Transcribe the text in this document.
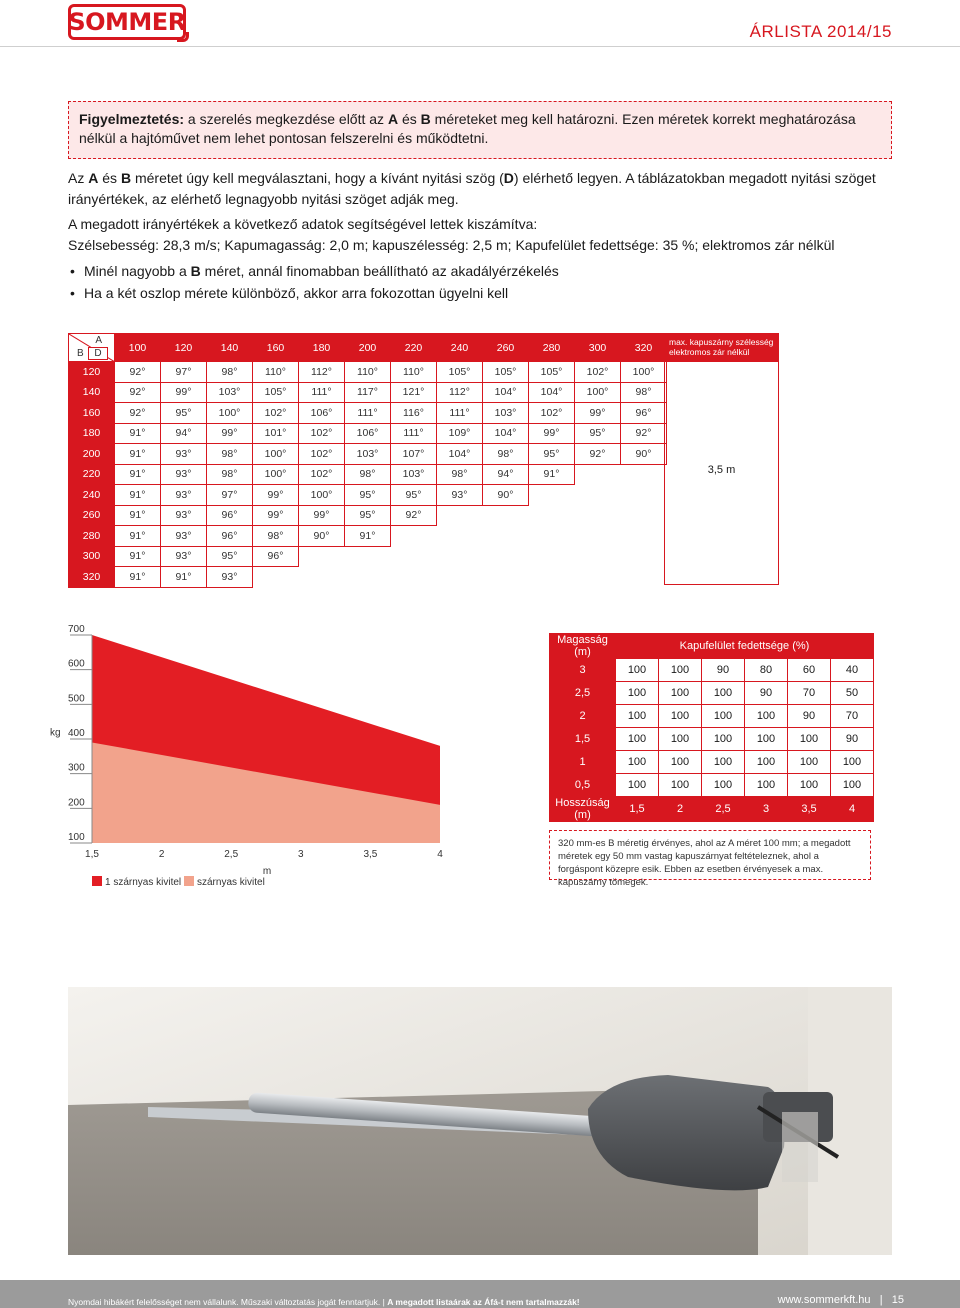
SOMMER	ÁRLISTA 2014/15
Figyelmeztetés: a szerelés megkezdése előtt az A és B méreteket meg kell határozni. Ezen méretek korrekt meghatározása nélkül a hajtóművet nem lehet pontosan felszerelni és működtetni.
Az A és B méretet úgy kell megválasztani, hogy a kívánt nyitási szög (D) elérhető legyen. A táblázatokban megadott nyitási szöget irányértékek, az elérhető legnagyobb nyitási szöget adják meg.
A megadott irányértékek a következő adatok segítségével lettek kiszámítva:
Szélsebesség: 28,3 m/s; Kapumagasság: 2,0 m; kapuszélesség: 2,5 m; Kapufelület fedettsége: 35 %; elektromos zár nélkül
• Minél nagyobb a B méret, annál finomabban beállítható az akadályérzékelés
• Ha a két oszlop mérete különböző, akkor arra fokozottan ügyelni kell
A
B D	100	120	140	160	180	200	220	240	260	280	300	320
120	92°	97°	98°	110°	112°	110°	110°	105°	105°	105°	102°	100°
140	92°	99°	103°	105°	111°	117°	121°	112°	104°	104°	100°	98°
160	92°	95°	100°	102°	106°	111°	116°	111°	103°	102°	99°	96°
180	91°	94°	99°	101°	102°	106°	111°	109°	104°	99°	95°	92°
200	91°	93°	98°	100°	102°	103°	107°	104°	98°	95°	92°	90°
220	91°	93°	98°	100°	102°	98°	103°	98°	94°	91°		
240	91°	93°	97°	99°	100°	95°	95°	93°	90°			
260	91°	93°	96°	99°	99°	95°	92°					
280	91°	93°	96°	98°	90°	91°						
300	91°	93°	95°	96°								
320	91°	91°	93°									
max. kapuszárny szélesség elektromos zár nélkül
3,5 m
700
600
500
400
300
200
100
1,5	2	2,5	3	3,5	4
kg
m
1 szárnyas kivitel szárnyas kivitel
Magasság (m)	Kapufelület fedettsége (%)					
3	100	100	90	80	60	40
2,5	100	100	100	90	70	50
2	100	100	100	100	90	70
1,5	100	100	100	100	100	90
1	100	100	100	100	100	100
0,5	100	100	100	100	100	100
Hosszúság (m)	1,5	2	2,5	3	3,5	4
320 mm-es B méretig érvényes, ahol az A méret 100 mm; a megadott méretek egy 50 mm vastag kapuszárnyat feltételeznek, ahol a forgáspont közepre esik. Ebben az esetben érvényesek a max. kapuszárny tömegek.
Nyomdai hibákért felelősséget nem vállalunk. Műszaki változtatás jogát fenntartjuk. | A megadott listaárak az Áfá-t nem tartalmazzák!	www.sommerkft.hu | 15
